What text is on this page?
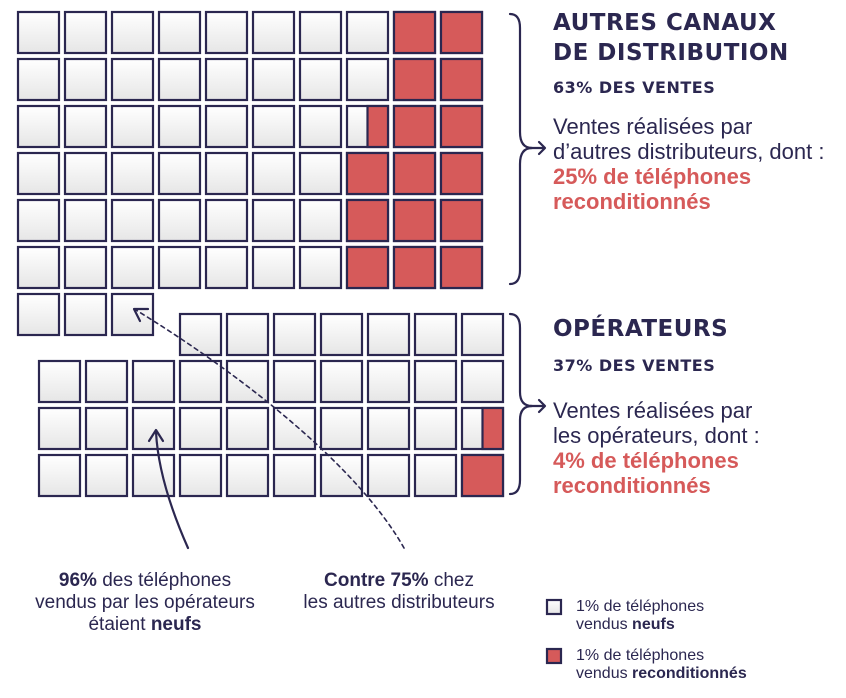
AUTRES CANAUX
DE DISTRIBUTION
63% DES VENTES
Ventes réalisées par
d’autres distributeurs, dont :
25% de téléphones
reconditionnés
OPÉRATEURS
37% DES VENTES
Ventes réalisées par
les opérateurs, dont :
4% de téléphones
reconditionnés
96% des téléphones
vendus par les opérateurs
étaient neufs
Contre 75% chez
les autres distributeurs	1% de téléphones
vendus neufs
1% de téléphones
vendus reconditionnés
